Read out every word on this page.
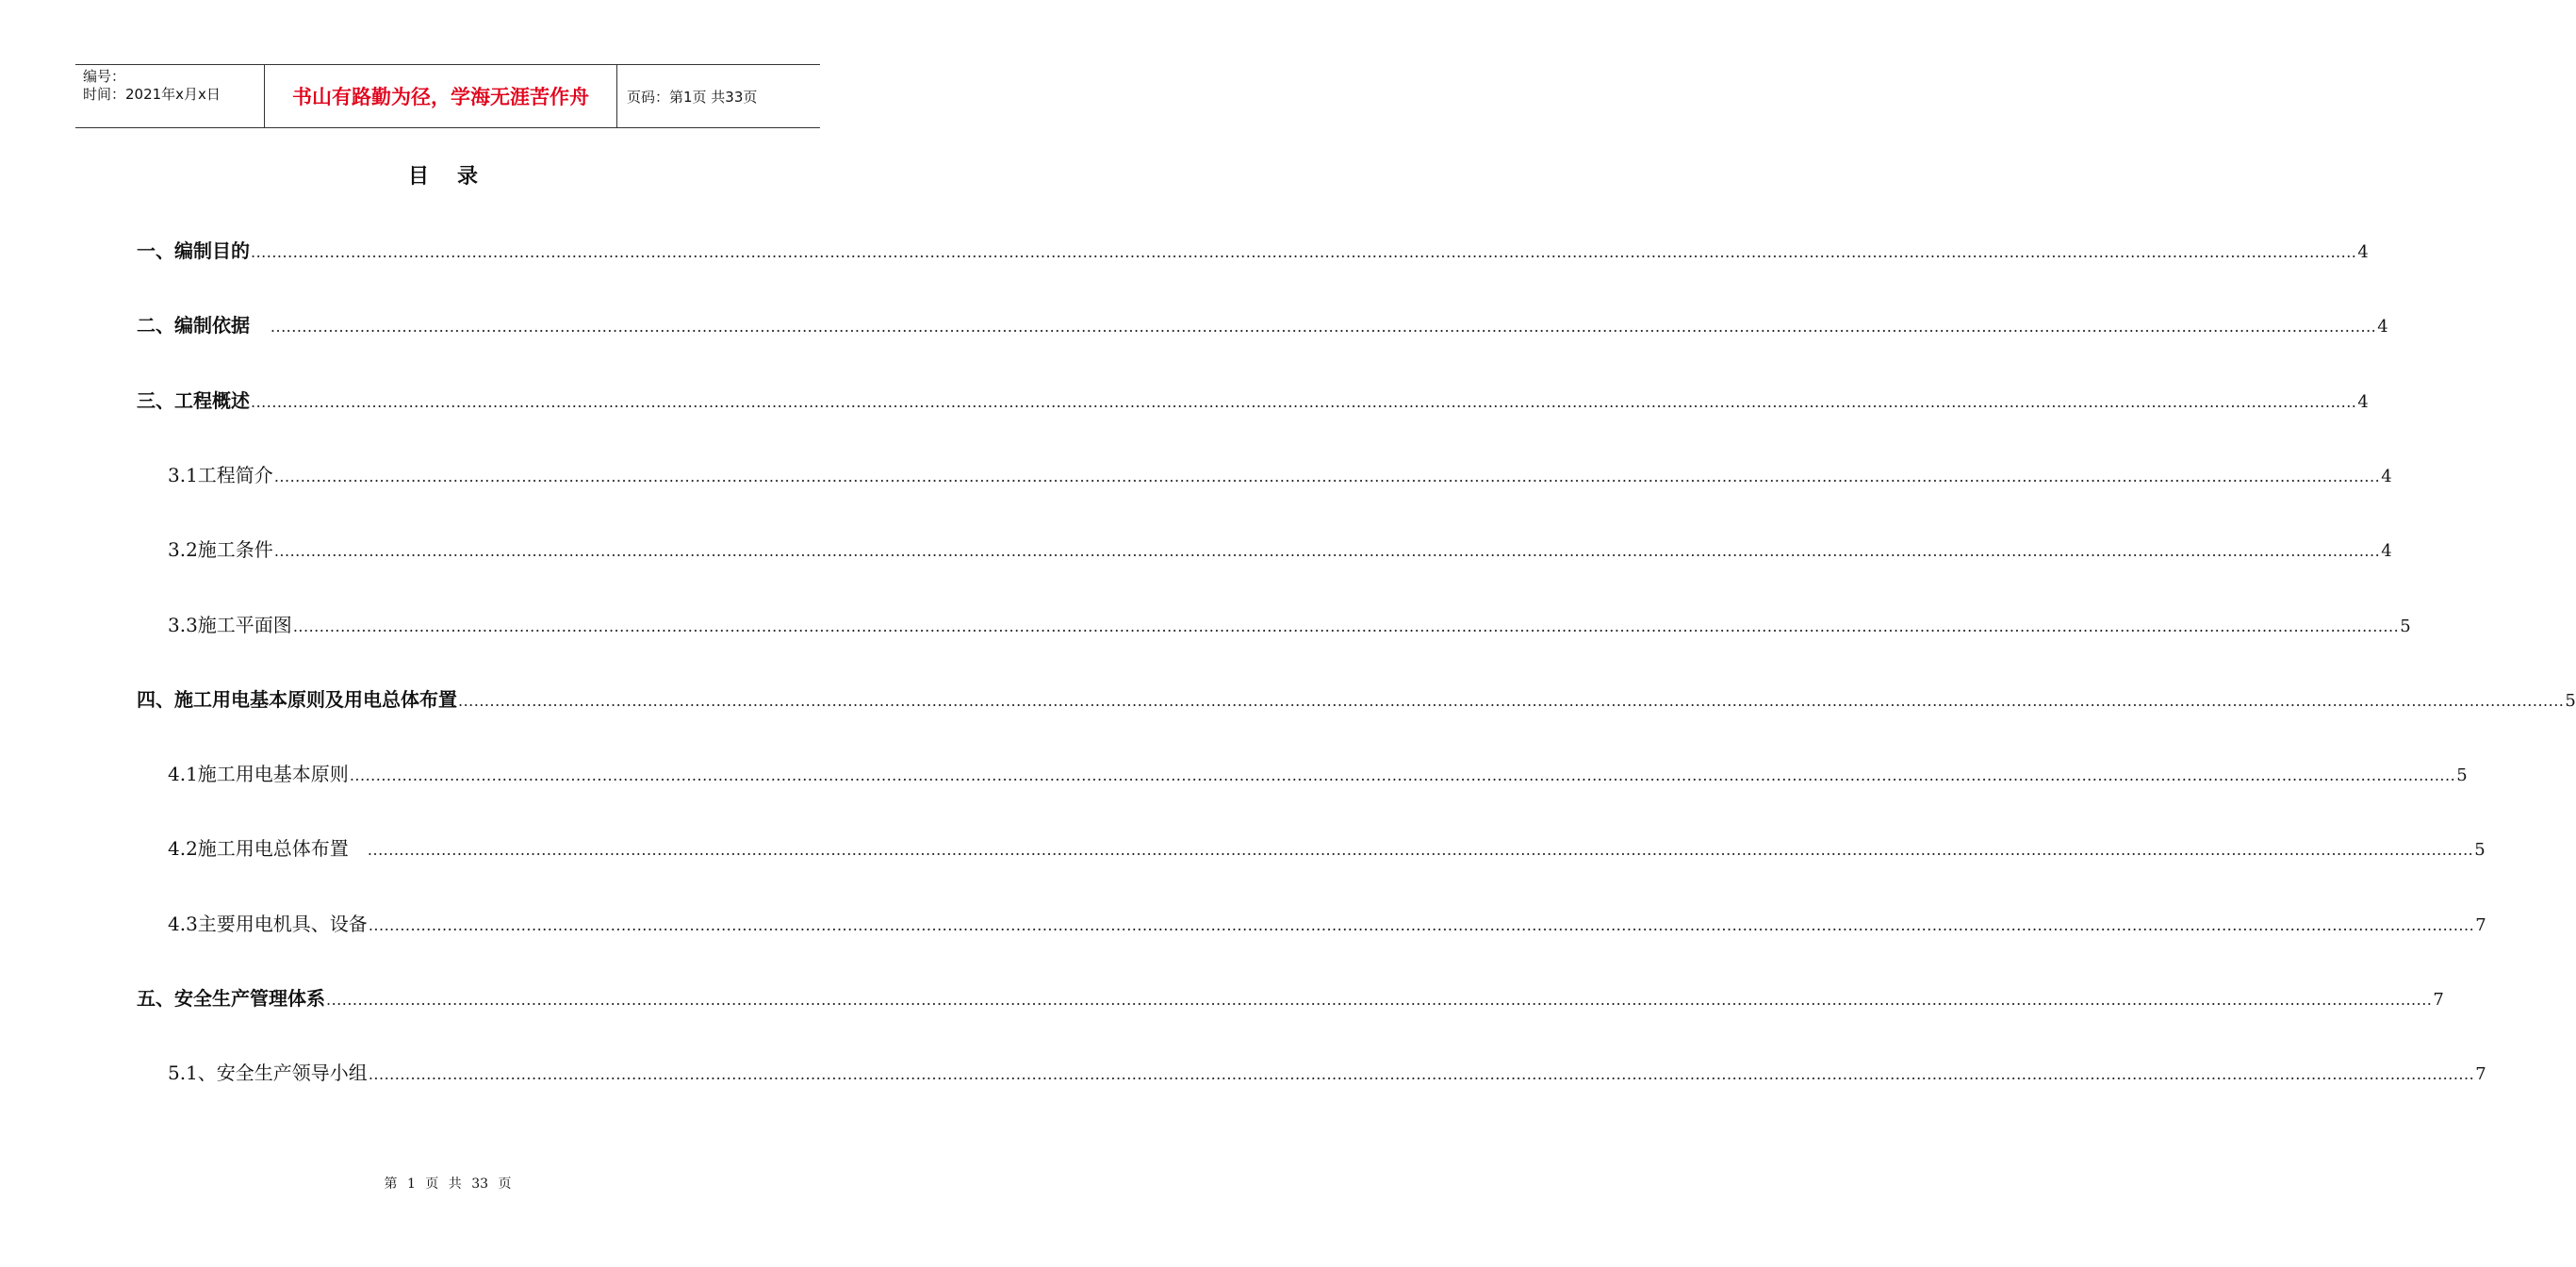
编号：
时间：2021年x月x日	书山有路勤为径，学海无涯苦作舟	页码：第1页 共33页
目录
一、编制目的 ................................................................................................................................................................................................................................................................................................................................................................................................................ 4
二、编制依据 ................................................................................................................................................................................................................................................................................................................................................................................................................ 4
三、工程概述 ................................................................................................................................................................................................................................................................................................................................................................................................................ 4
3.1工程简介 ................................................................................................................................................................................................................................................................................................................................................................................................................ 4
3.2施工条件 ................................................................................................................................................................................................................................................................................................................................................................................................................ 4
3.3施工平面图 ................................................................................................................................................................................................................................................................................................................................................................................................................ 5
四、施工用电基本原则及用电总体布置 ................................................................................................................................................................................................................................................................................................................................................................................................................ 5
4.1施工用电基本原则 ................................................................................................................................................................................................................................................................................................................................................................................................................ 5
4.2施工用电总体布置 ................................................................................................................................................................................................................................................................................................................................................................................................................ 5
4.3主要用电机具、设备 ................................................................................................................................................................................................................................................................................................................................................................................................................ 7
五、安全生产管理体系 ................................................................................................................................................................................................................................................................................................................................................................................................................ 7
5.1、安全生产领导小组 ................................................................................................................................................................................................................................................................................................................................................................................................................ 7
第 1 页 共 33 页
